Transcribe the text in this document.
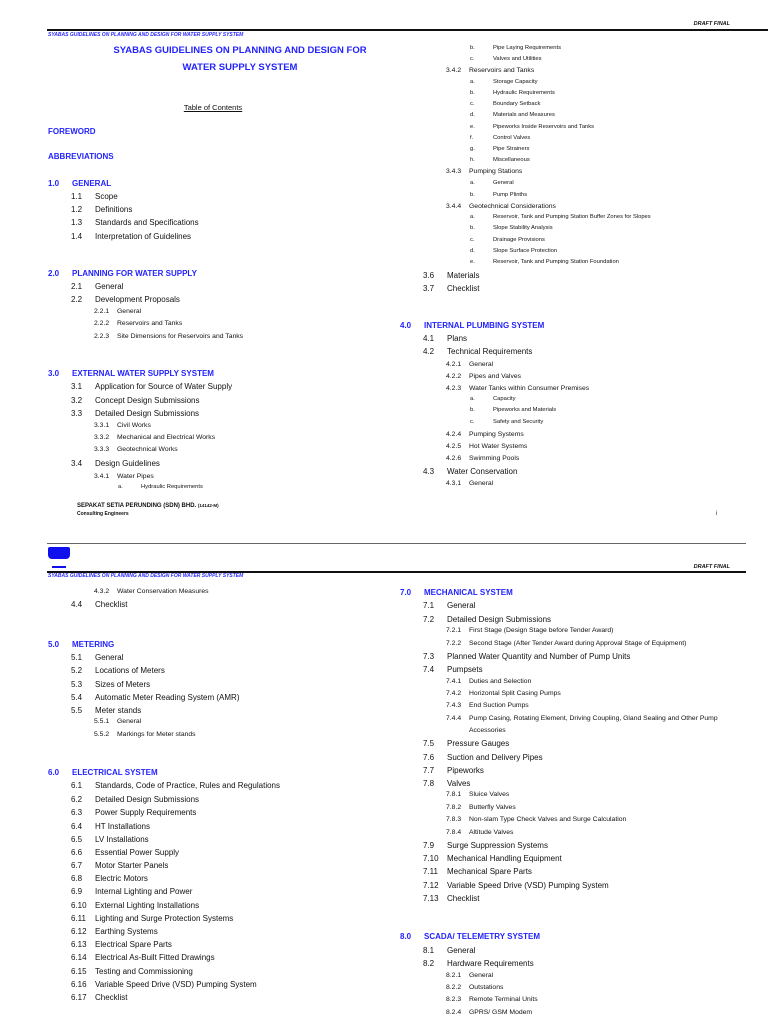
DRAFT FINAL
SYABAS GUIDELINES ON PLANNING AND DESIGN FOR WATER SUPPLY SYSTEM
SYABAS GUIDELINES ON PLANNING AND DESIGN FOR
WATER SUPPLY SYSTEM
Table of Contents
FOREWORD
ABBREVIATIONS
1.0 GENERAL
1.1 Scope
1.2 Definitions
1.3 Standards and Specifications
1.4 Interpretation of Guidelines
2.0 PLANNING FOR WATER SUPPLY
2.1 General
2.2 Development Proposals
2.2.1 General
2.2.2 Reservoirs and Tanks
2.2.3 Site Dimensions for Reservoirs and Tanks
3.0 EXTERNAL WATER SUPPLY SYSTEM
3.1 Application for Source of Water Supply
3.2 Concept Design Submissions
3.3 Detailed Design Submissions
3.3.1 Civil Works
3.3.2 Mechanical and Electrical Works
3.3.3 Geotechnical Works
3.4 Design Guidelines
3.4.1 Water Pipes
a.	Hydraulic Requirements
b.	Pipe Laying Requirements
c.	Valves and Utilities
3.4.2 Reservoirs and Tanks
a.	Storage Capacity
b.	Hydraulic Requirements
c.	Boundary Setback
d.	Materials and Measures
e.	Pipeworks Inside Reservoirs and Tanks
f.	Control Valves
g.	Pipe Strainers
h.	Miscellaneous
3.4.3 Pumping Stations
a.	General
b.	Pump Plinths
3.4.4 Geotechnical Considerations
a.	Reservoir, Tank and Pumping Station Buffer Zones for Slopes
b.	Slope Stability Analysis
c.	Drainage Provisions
d.	Slope Surface Protection
e.	Reservoir, Tank and Pumping Station Foundation
3.6 Materials
3.7 Checklist
4.0 INTERNAL PLUMBING SYSTEM
4.1 Plans
4.2 Technical Requirements
4.2.1 General
4.2.2 Pipes and Valves
4.2.3 Water Tanks within Consumer Premises
a.	Capacity
b.	Pipeworks and Materials
c.	Safety and Security
4.2.4 Pumping Systems
4.2.5 Hot Water Systems
4.2.6 Swimming Pools
4.3 Water Conservation
4.3.1 General
SEPAKAT SETIA PERUNDING (SDN) BHD. (14142-M)
Consulting Engineers	i
DRAFT FINAL
SYABAS GUIDELINES ON PLANNING AND DESIGN FOR WATER SUPPLY SYSTEM
4.3.2 Water Conservation Measures
4.4 Checklist
5.0 METERING
5.1 General
5.2 Locations of Meters
5.3 Sizes of Meters
5.4 Automatic Meter Reading System (AMR)
5.5 Meter stands
5.5.1 General
5.5.2 Markings for Meter stands
6.0 ELECTRICAL SYSTEM
6.1 Standards, Code of Practice, Rules and Regulations
6.2 Detailed Design Submissions
6.3 Power Supply Requirements
6.4 HT Installations
6.5 LV Installations
6.6 Essential Power Supply
6.7 Motor Starter Panels
6.8 Electric Motors
6.9 Internal Lighting and Power
6.10 External Lighting Installations
6.11 Lighting and Surge Protection Systems
6.12 Earthing Systems
6.13 Electrical Spare Parts
6.14 Electrical As-Built Fitted Drawings
6.15 Testing and Commissioning
6.16 Variable Speed Drive (VSD) Pumping System
6.17 Checklist
7.0 MECHANICAL SYSTEM
7.1 General
7.2 Detailed Design Submissions
7.2.1 First Stage (Design Stage before Tender Award)
7.2.2 Second Stage (After Tender Award during Approval Stage of Equipment)
7.3 Planned Water Quantity and Number of Pump Units
7.4 Pumpsets
7.4.1 Duties and Selection
7.4.2 Horizontal Split Casing Pumps
7.4.3 End Suction Pumps
7.4.4 Pump Casing, Rotating Element, Driving Coupling, Gland Sealing and Other Pump
Accessories
7.5 Pressure Gauges
7.6 Suction and Delivery Pipes
7.7 Pipeworks
7.8 Valves
7.8.1 Sluice Valves
7.8.2 Butterfly Valves
7.8.3 Non-slam Type Check Valves and Surge Calculation
7.8.4 Altitude Valves
7.9 Surge Suppression Systems
7.10 Mechanical Handling Equipment
7.11 Mechanical Spare Parts
7.12 Variable Speed Drive (VSD) Pumping System
7.13 Checklist
8.0 SCADA/ TELEMETRY SYSTEM
8.1 General
8.2 Hardware Requirements
8.2.1 General
8.2.2 Outstations
8.2.3 Remote Terminal Units
8.2.4 GPRS/ GSM Modem
